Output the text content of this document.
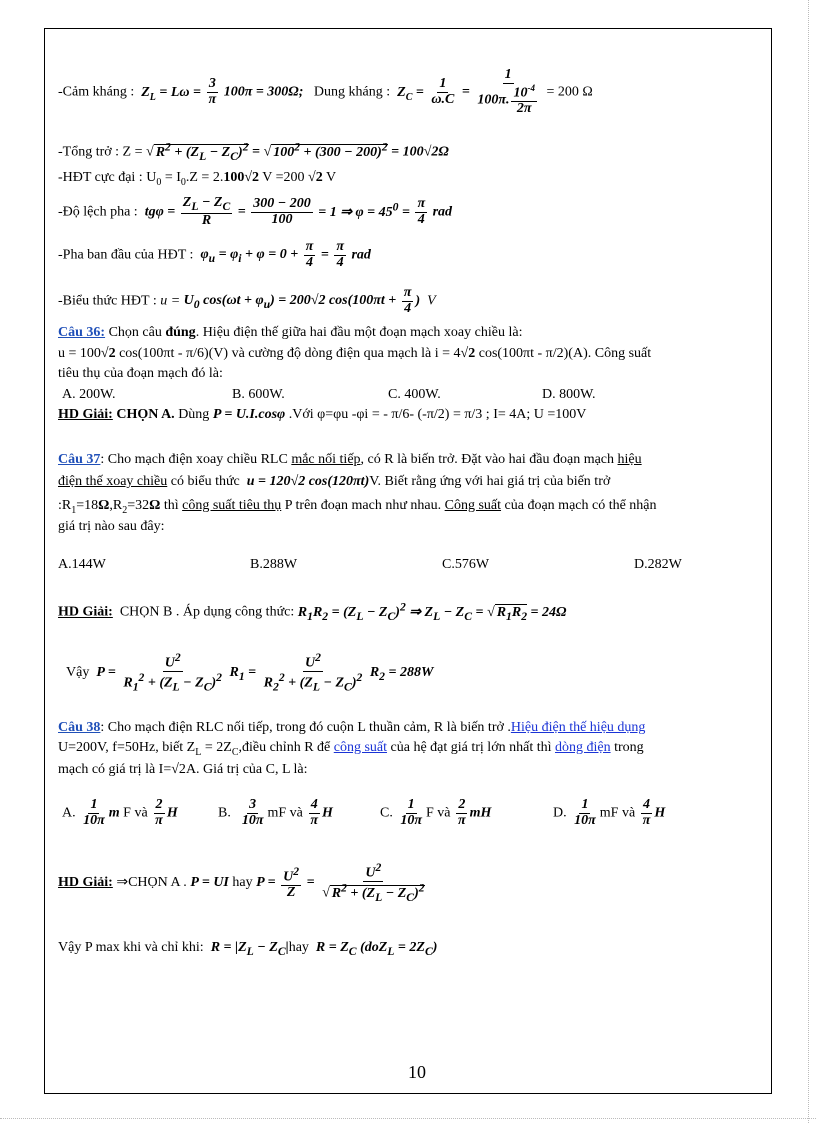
-Cảm kháng : $Z_L = L\omega = \frac{3}{\pi} 100\pi = 300\Omega$; Dung kháng : $Z_C = \frac{1}{\omega.C} = \frac{1}{100\pi. \frac{10^{-4}}{2\pi}} = 200$ Ω
-Tổng trở : Z = √ $R^2 + (Z_L - Z_C)^2$ = √ $100^2 + (300 - 200)^2 = 100√2\Omega$
-HĐT cực đại : $U_0 = I_0.Z = 2.100√2$ V =200 √2 V
-Độ lệch pha : $tg\varphi = \frac{Z_L - Z_C}{R} = \frac{300 - 200}{100} = 1$ ⇒ $\varphi = 45^0 = \frac{\pi}{4}$ rad
-Pha ban đầu của HĐT : $\varphi_u = \varphi_i + \varphi = 0 + \frac{\pi}{4} = \frac{\pi}{4}$ rad
-Biểu thức HĐT : $u = U_0$ $\cos(\omega t + \varphi_u) = 200√2$ $\cos(100\pi t + \frac{\pi}{4}$ )  V
Câu 36: Chọn câu đúng. Hiệu điện thế giữa hai đầu một đoạn mạch xoay chiều là:
u = 100√2 cos(100πt - π/6)(V) và cường độ dòng điện qua mạch là i = 4√2 cos(100πt - π/2)(A). Công suất
tiêu thụ của đoạn mạch đó là:
A. 200W.	B. 600W.	C. 400W.	D. 800W.
HD Giải: CHỌN A. Dùng P = U.I.cosφ .Với φ=φu -φi = - π/6- (-π/2) = π/3 ; I= 4A; U =100V
Câu 37: Cho mạch điện xoay chiều RLC mắc nối tiếp, có R là biến trở. Đặt vào hai đầu đoạn mạch hiệu
điện thế xoay chiều có biểu thức u = 120√2 cos(120πt)V. Biết rằng ứng với hai giá trị của biến trở
$:R_1=18\Omega,R_2=32\Omega$ thì công suất tiêu thụ P trên đoạn mach như nhau. Công suất của đoạn mạch có thể nhận
giá trị nào sau đây:
A.144W	B.288W	C.576W	D.282W
HD Giải: CHỌN B . Áp dụng công thức: $R_1R_2 = (Z_L - Z_C)^2$ ⇒ $Z_L - Z_C$ = √ $R_1R_2 = 24\Omega$
Vậy $P = \frac{U^2}{R_1^2 + (Z_L - Z_C)^2} R_1 = \frac{U^2}{R_2^2 + (Z_L - Z_C)^2} R_2 = 288W$
Câu 38: Cho mạch điện RLC nối tiếp, trong đó cuộn L thuần cảm, R là biến trở .Hiệu điện thế hiệu dụng
U=200V, f=50Hz, biết $Z_L$ = $2Z_C,điều$ chỉnh R để công suất của hệ đạt giá trị lớn nhất thì dòng điện trong
mạch có giá trị là I=√2A. Giá trị của C, L là:
A. $\frac{1}{10\pi}$ m F và $\frac{2}{\pi}$ H	B. $\frac{3}{10\pi}$ mF và $\frac{4}{\pi}$ H	C. $\frac{1}{10\pi}$ F và $\frac{2}{\pi}$ mH	D. $\frac{1}{10\pi}$ mF và $\frac{4}{\pi}$ H
HD Giải: ⇒CHỌN A . P = UI hay $P = \frac{U^2}{Z} = \frac{U^2}{√ R^2 + (Z_L - Z_C)^2}$
Vậy P max khi và chỉ khi: $R = |Z_L - Z_C|hay$ $R = Z_C$ $(doZ_L = 2Z_C)$
10
